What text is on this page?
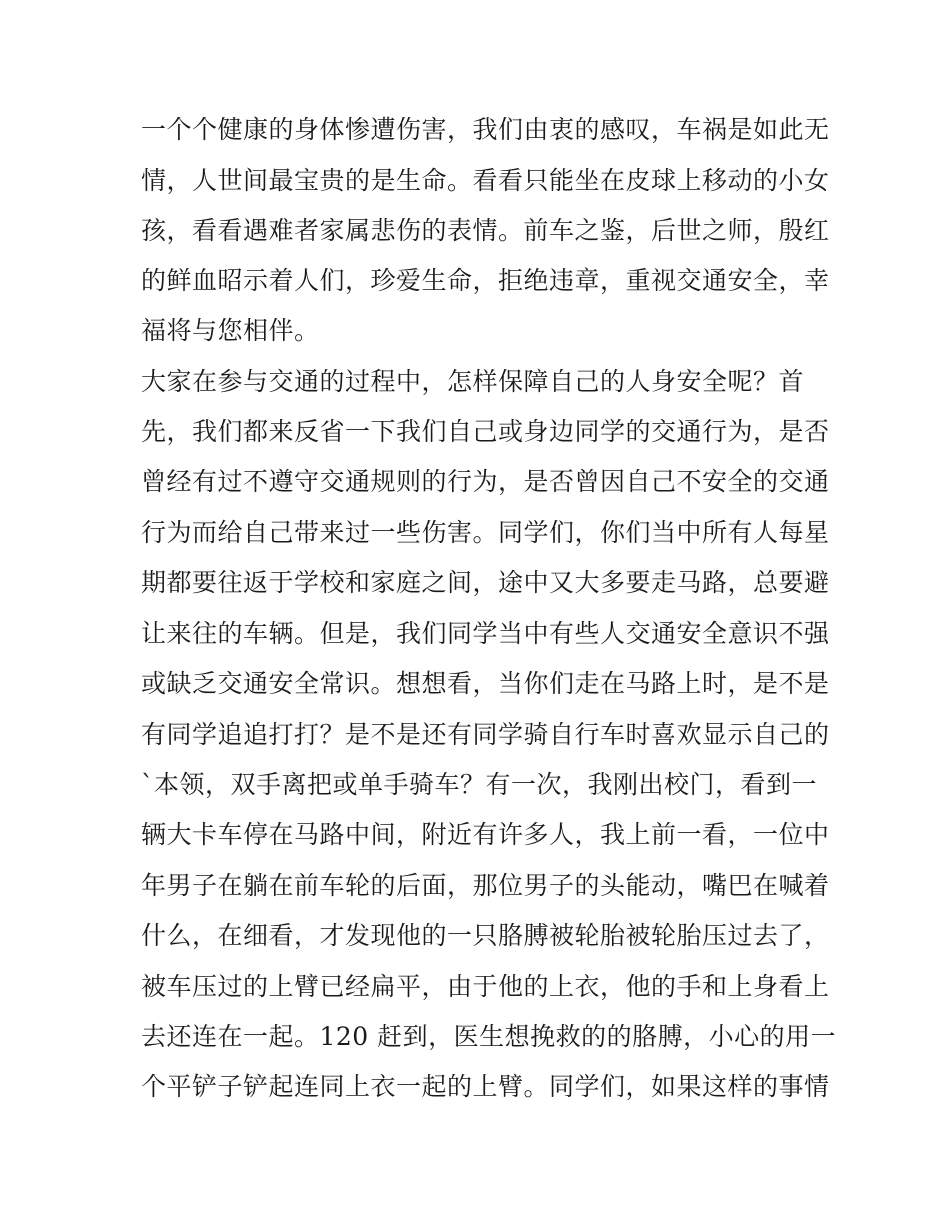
一个个健康的身体惨遭伤害，我们由衷的感叹，车祸是如此无
情，人世间最宝贵的是生命。看看只能坐在皮球上移动的小女
孩，看看遇难者家属悲伤的表情。前车之鉴，后世之师，殷红
的鲜血昭示着人们，珍爱生命，拒绝违章，重视交通安全，幸
福将与您相伴。
大家在参与交通的过程中，怎样保障自己的人身安全呢？首
先，我们都来反省一下我们自己或身边同学的交通行为，是否
曾经有过不遵守交通规则的行为，是否曾因自己不安全的交通
行为而给自己带来过一些伤害。同学们，你们当中所有人每星
期都要往返于学校和家庭之间，途中又大多要走马路，总要避
让来往的车辆。但是，我们同学当中有些人交通安全意识不强
或缺乏交通安全常识。想想看，当你们走在马路上时，是不是
有同学追追打打？是不是还有同学骑自行车时喜欢显示自己的
`本领，双手离把或单手骑车？有一次，我刚出校门，看到一
辆大卡车停在马路中间，附近有许多人，我上前一看，一位中
年男子在躺在前车轮的后面，那位男子的头能动，嘴巴在喊着
什么，在细看，才发现他的一只胳膊被轮胎被轮胎压过去了，
被车压过的上臂已经扁平，由于他的上衣，他的手和上身看上
去还连在一起。120 赶到，医生想挽救的的胳膊，小心的用一
个平铲子铲起连同上衣一起的上臂。同学们，如果这样的事情
